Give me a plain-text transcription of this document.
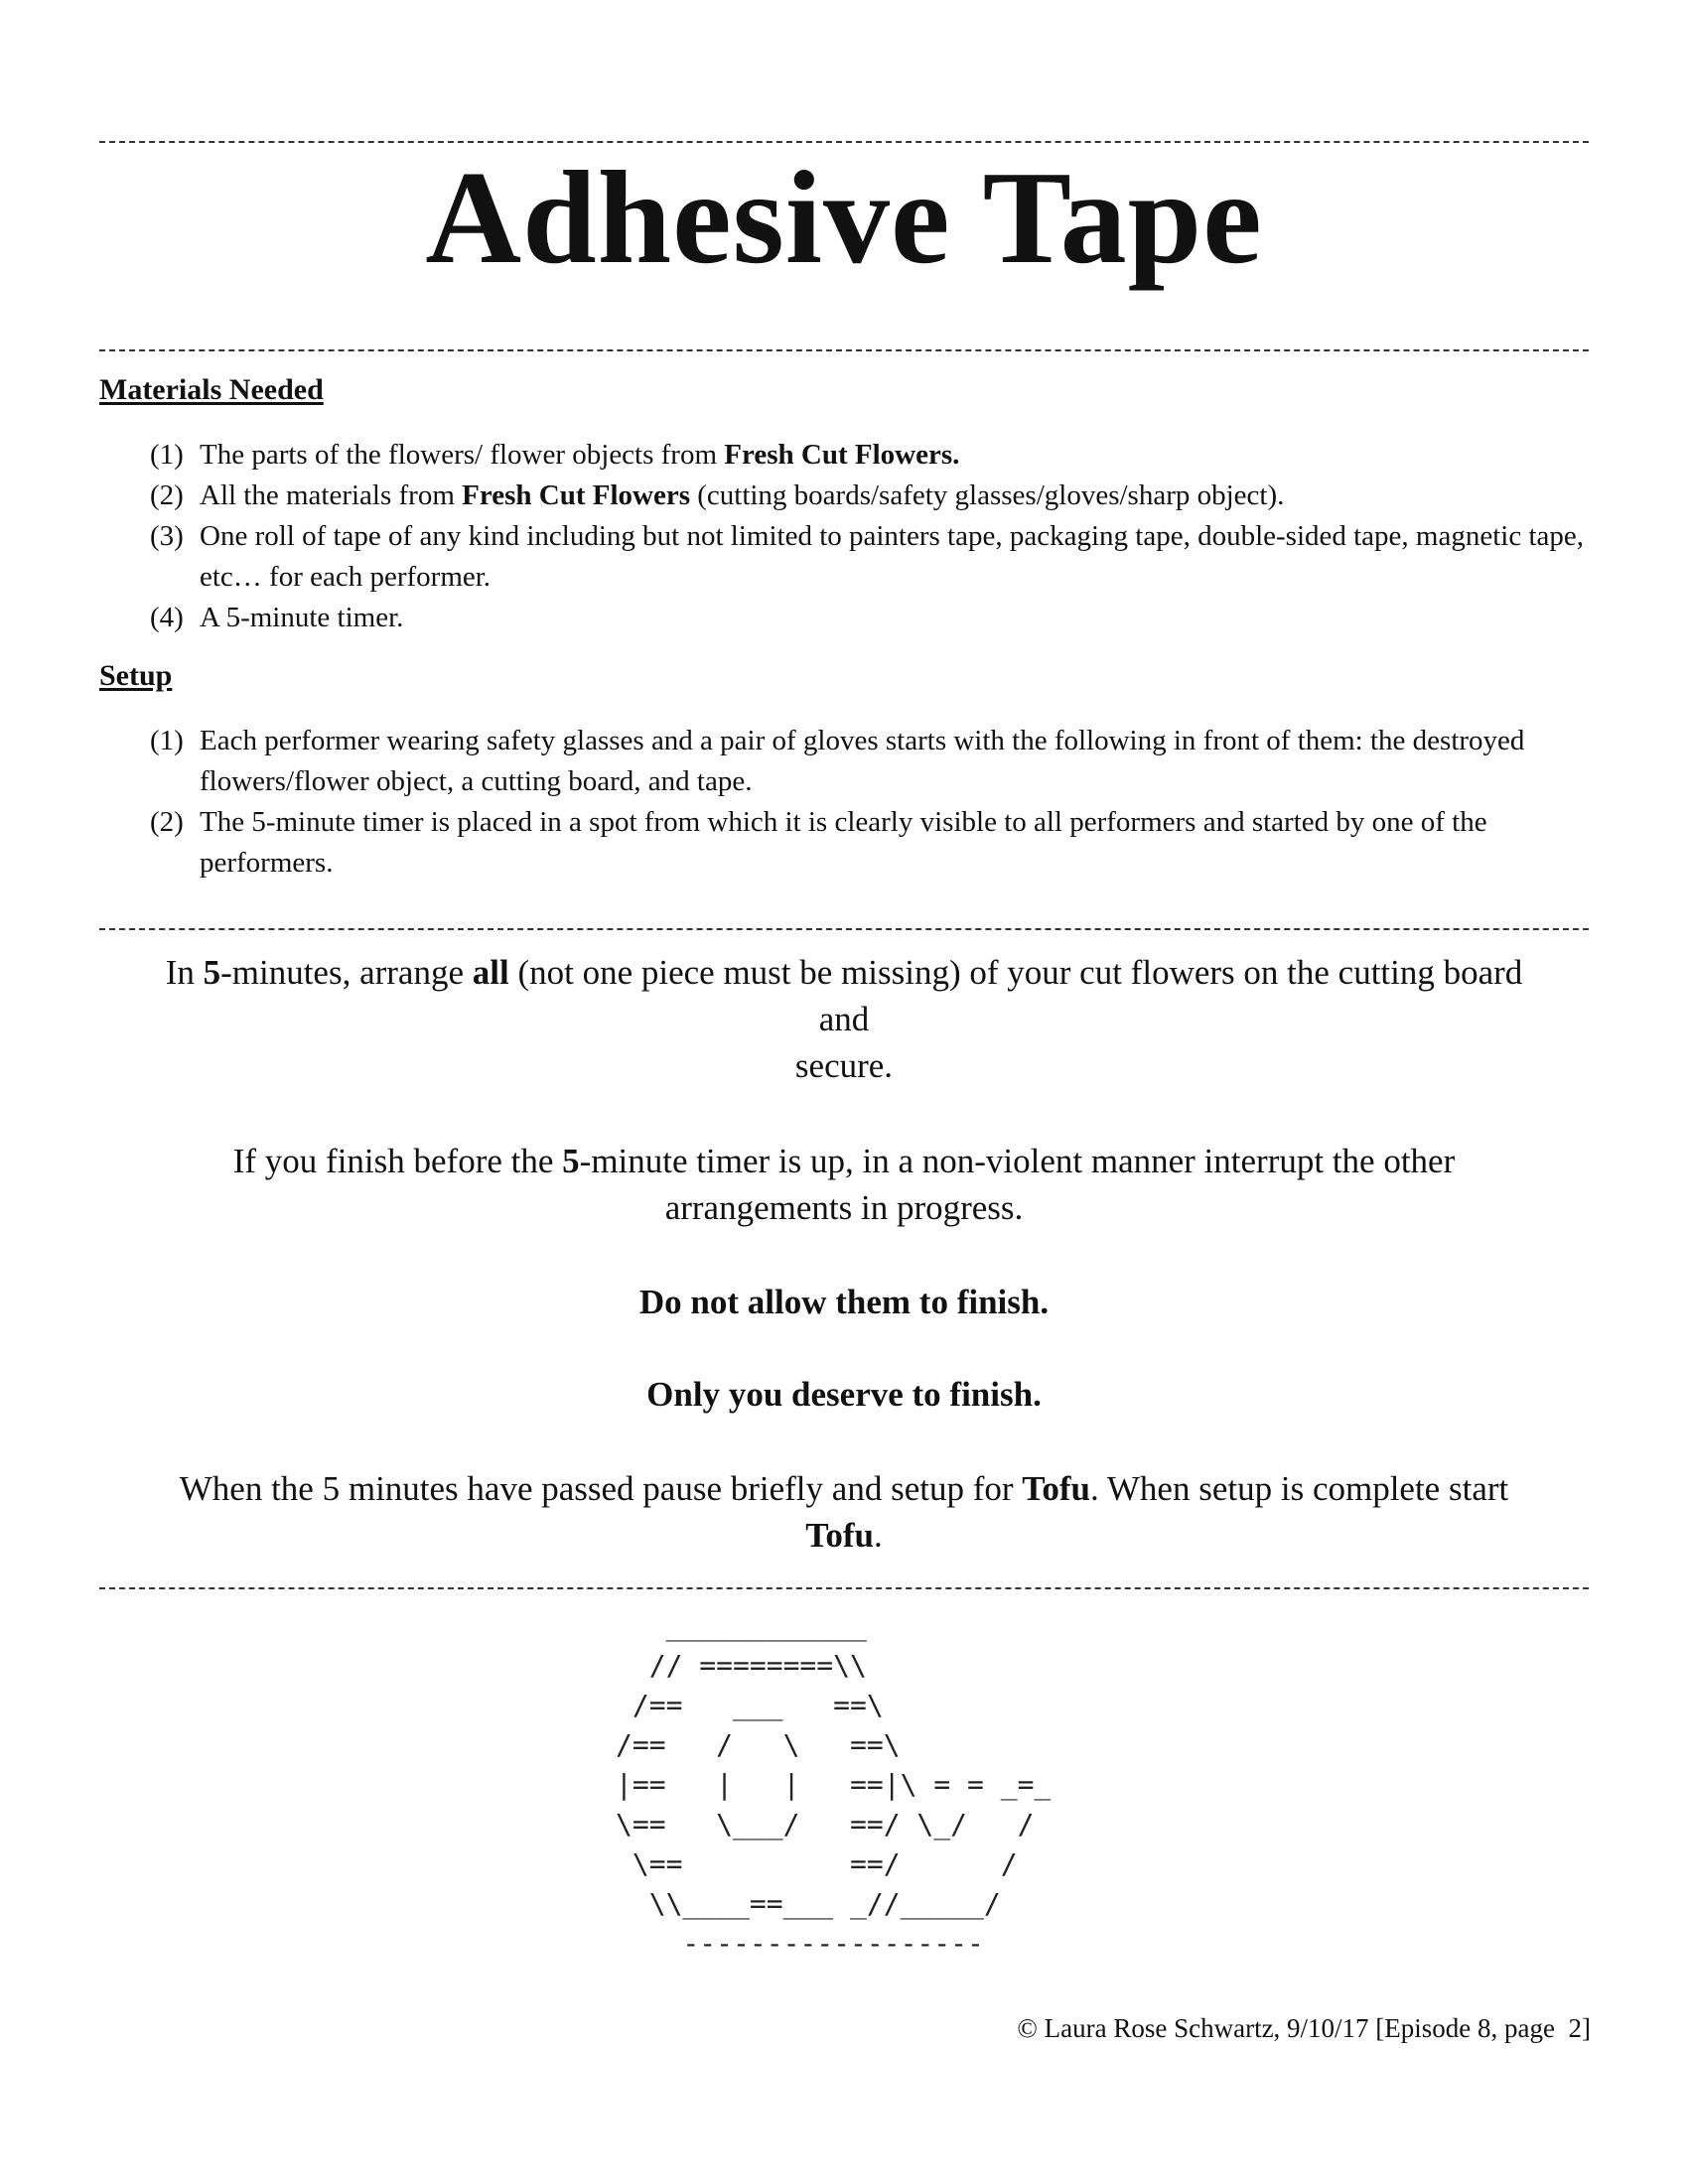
Adhesive Tape
Materials Needed
(1) The parts of the flowers/ flower objects from Fresh Cut Flowers.
(2) All the materials from Fresh Cut Flowers (cutting boards/safety glasses/gloves/sharp object).
(3) One roll of tape of any kind including but not limited to painters tape, packaging tape, double-sided tape, magnetic tape, etc… for each performer.
(4) A 5-minute timer.
Setup
(1) Each performer wearing safety glasses and a pair of gloves starts with the following in front of them: the destroyed flowers/flower object, a cutting board, and tape.
(2) The 5-minute timer is placed in a spot from which it is clearly visible to all performers and started by one of the performers.
In 5-minutes, arrange all (not one piece must be missing) of your cut flowers on the cutting board
and
secure.
If you finish before the 5-minute timer is up, in a non-violent manner interrupt the other
arrangements in progress.
Do not allow them to finish.
Only you deserve to finish.
When the 5 minutes have passed pause briefly and setup for Tofu. When setup is complete start
Tofu.
____________
// ========\\
/==   ___   ==\
/==   /   \   ==\
|==   |   |   ==|\ = = _=_
\==   \___/   ==/ \_/   /
\==          ==/      /
\\____==___ _//_____/
------------------
© Laura Rose Schwartz, 9/10/17 [Episode 8, page  2]
